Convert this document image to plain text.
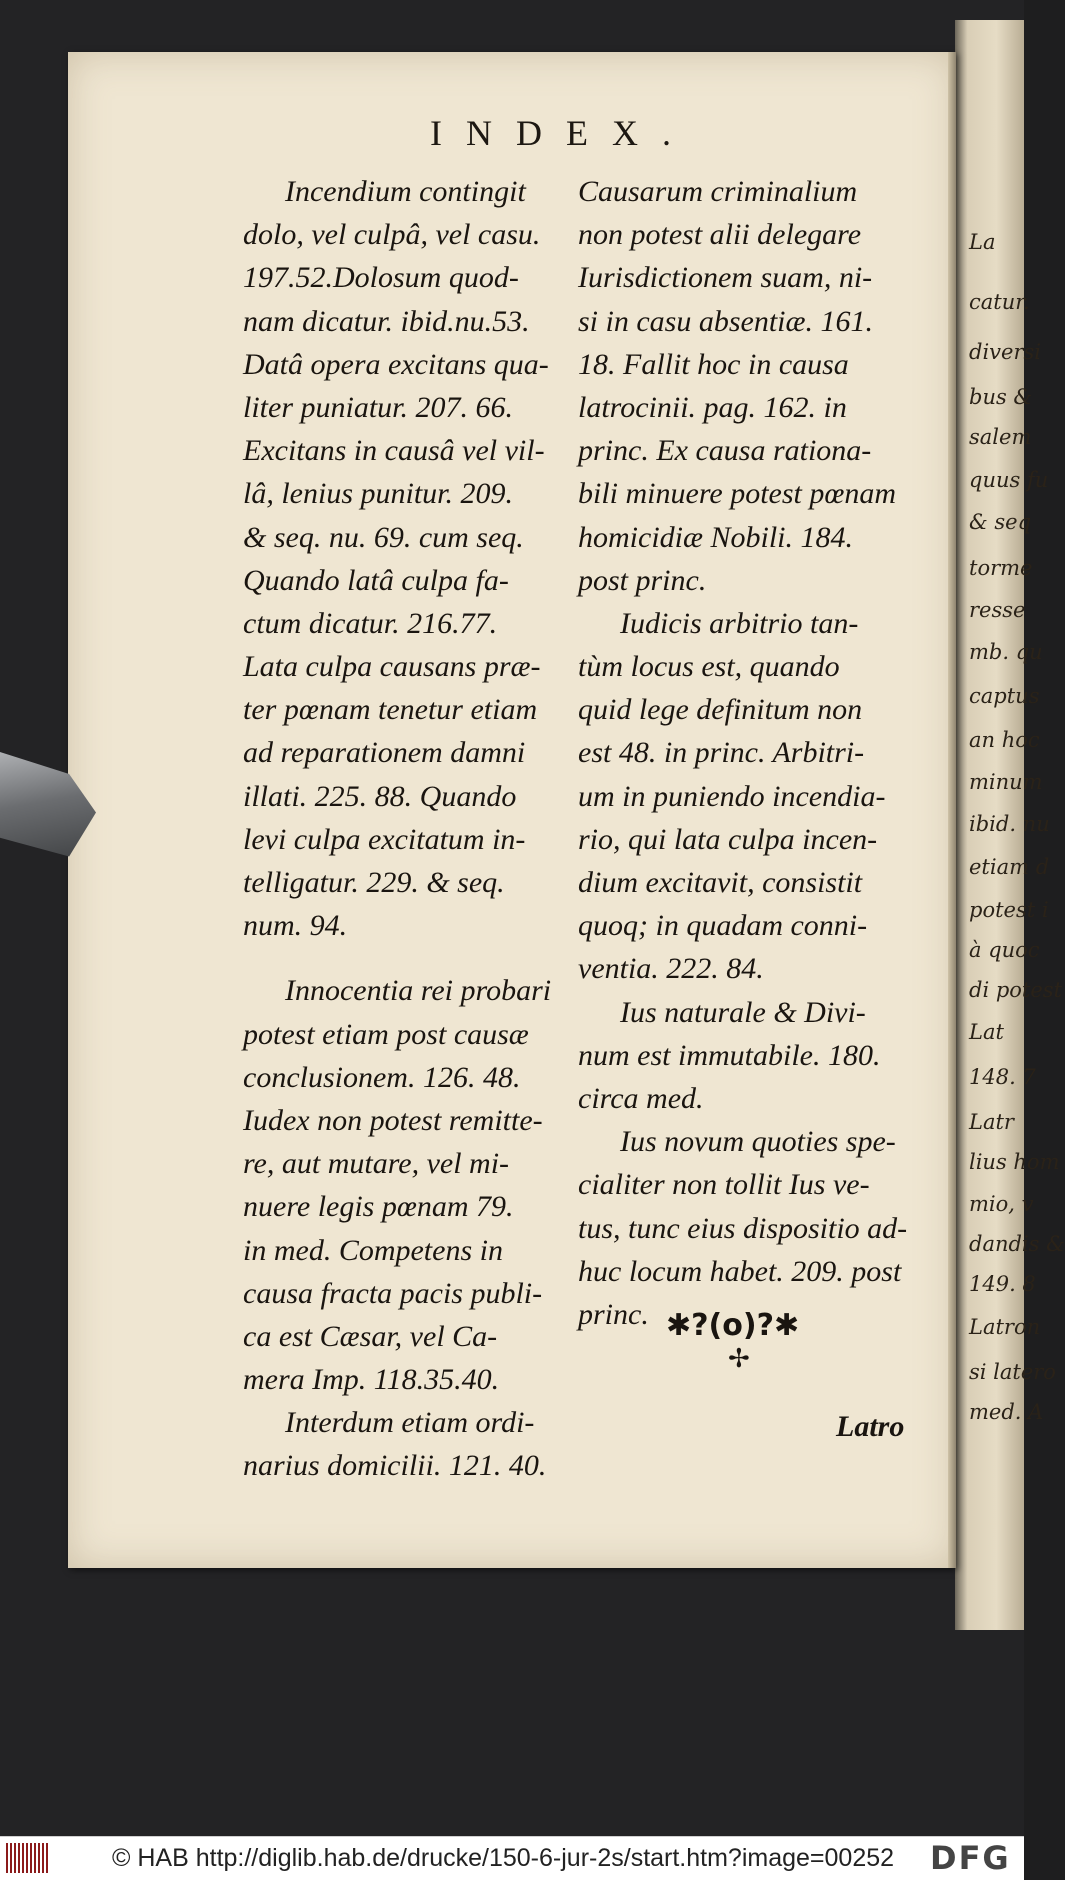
La
catur.
diversi
bus &
salem
quus fu
& seq
torme
resse
mb. qu
captus
an hoc
minum
ibid. nu
etiam d
potest i
à quoc
di potest
Lat
148. 7
Latr
lius hom
mio, v
dandis &
149. 8
Latron
si latero
med. A
INDEX.
Incendium contingit
dolo, vel culpâ, vel casu.
197.52.Dolosum quod-
nam dicatur. ibid.nu.53.
Datâ opera excitans qua-
liter puniatur. 207. 66.
Excitans in causâ vel vil-
lâ, lenius punitur. 209.
& seq. nu. 69. cum seq.
Quando latâ culpa fa-
ctum dicatur. 216.77.
Lata culpa causans præ-
ter pœnam tenetur etiam
ad reparationem damni
illati. 225. 88. Quando
levi culpa excitatum in-
telligatur. 229. & seq.
num. 94.
Innocentia rei probari
potest etiam post causæ
conclusionem. 126. 48.
Iudex non potest remitte-
re, aut mutare, vel mi-
nuere legis pœnam 79.
in med. Competens in
causa fracta pacis publi-
ca est Cæsar, vel Ca-
mera Imp. 118.35.40.
Interdum etiam ordi-
narius domicilii. 121. 40.
Causarum criminalium
non potest alii delegare
Iurisdictionem suam, ni-
si in casu absentiæ. 161.
18. Fallit hoc in causa
latrocinii. pag. 162. in
princ. Ex causa rationa-
bili minuere potest pœnam
homicidiæ Nobili. 184.
post princ.
Iudicis arbitrio tan-
tùm locus est, quando
quid lege definitum non
est 48. in princ. Arbitri-
um in puniendo incendia-
rio, qui lata culpa incen-
dium excitavit, consistit
quoq; in quadam conni-
ventia. 222. 84.
Ius naturale & Divi-
num est immutabile. 180.
circa med.
Ius novum quoties spe-
cialiter non tollit Ius ve-
tus, tunc eius dispositio ad-
huc locum habet. 209. post
princ. ✱?(o)?✱
✢
Latro
© HAB http://diglib.hab.de/drucke/150-6-jur-2s/start.htm?image=00252 DFG
